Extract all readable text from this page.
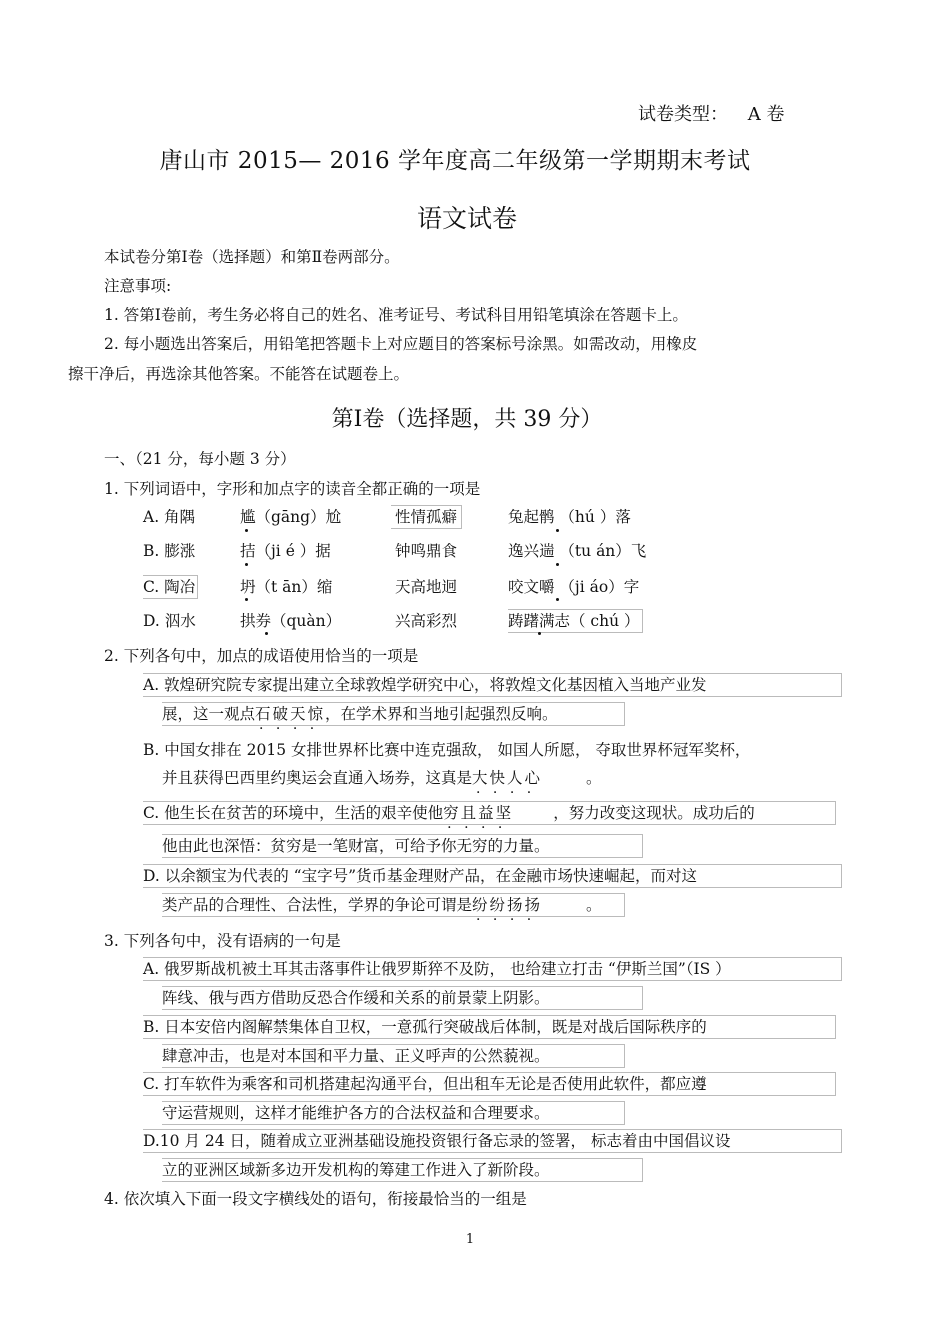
试卷类型： A 卷
唐山市 2015— 2016 学年度高二年级第一学期期末考试
语文试卷
本试卷分第Ⅰ卷（选择题）和第Ⅱ卷两部分。
注意事项:
1. 答第Ⅰ卷前，考生务必将自己的姓名、准考证号、考试科目用铅笔填涂在答题卡上。
2. 每小题选出答案后，用铅笔把答题卡上对应题目的答案标号涂黑。如需改动，用橡皮
擦干净后，再选涂其他答案。不能答在试题卷上。
第Ⅰ卷（选择题，共 39 分）
一、（21 分，每小题 3 分）
1. 下列词语中，字形和加点字的读音全都正确的一项是
A. 角隅	尴（gāng）尬	性情孤癖	兔起鹘 （hú ）落
B. 膨涨	拮（ji é ）据	钟鸣鼎食	逸兴遄 （tu án）飞
C. 陶冶	坍（t ān）缩	天高地迥	咬文嚼 （ji áo）字
D. 泅水	拱券（quàn）	兴高彩烈	踌躇满志（ chú ）
2. 下列各句中，加点的成语使用恰当的一项是
A. 敦煌研究院专家提出建立全球敦煌学研究中心，将敦煌文化基因植入当地产业发
展，这一观点石破天惊 · · · ·，在学术界和当地引起强烈反响。
B. 中国女排在 2015 女排世界杯比赛中连克强敌， 如国人所愿， 夺取世界杯冠军奖杯，
并且获得巴西里约奥运会直通入场券，这真是大快人心 · · · ·	。
C. 他生长在贫苦的环境中，生活的艰辛使他穷且益坚 · · · ·	，努力改变这现状。成功后的
他由此也深悟：贫穷是一笔财富，可给予你无穷的力量。
D. 以余额宝为代表的 “宝字号”货币基金理财产品，在金融市场快速崛起，而对这
类产品的合理性、合法性，学界的争论可谓是纷纷扬扬 · · · ·	。
3. 下列各句中，没有语病的一句是
A. 俄罗斯战机被土耳其击落事件让俄罗斯猝不及防， 也给建立打击 “伊斯兰国”（IS ）
阵线、俄与西方借助反恐合作缓和关系的前景蒙上阴影。
B. 日本安倍内阁解禁集体自卫权，一意孤行突破战后体制，既是对战后国际秩序的
肆意冲击，也是对本国和平力量、正义呼声的公然藐视。
C. 打车软件为乘客和司机搭建起沟通平台，但出租车无论是否使用此软件，都应遵
守运营规则，这样才能维护各方的合法权益和合理要求。
D.10 月 24 日，随着成立亚洲基础设施投资银行备忘录的签署， 标志着由中国倡议设
立的亚洲区域新多边开发机构的筹建工作进入了新阶段。
4. 依次填入下面一段文字横线处的语句，衔接最恰当的一组是
1
